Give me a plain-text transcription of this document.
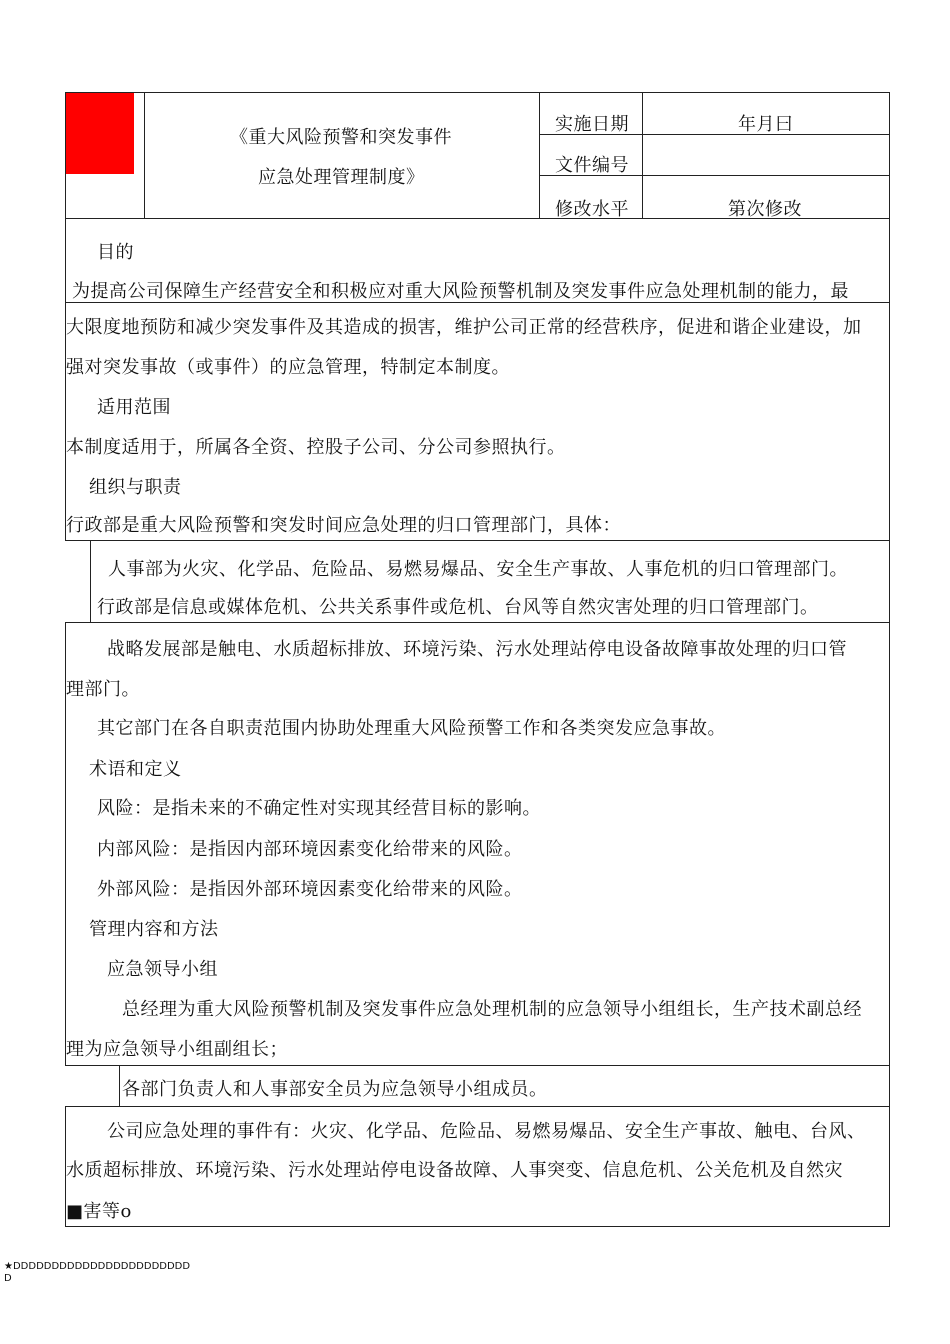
《重大风险预警和突发事件
应急处理管理制度》
实施日期	年月曰
文件编号
修改水平	第次修改
目的
为提高公司保障生产经营安全和积极应对重大风险预警机制及突发事件应急处理机制的能力，最
大限度地预防和减少突发事件及其造成的损害，维护公司正常的经营秩序，促进和谐企业建设，加
强对突发事故（或事件）的应急管理，特制定本制度。
适用范围
本制度适用于，所属各全资、控股子公司、分公司参照执行。
组织与职责
行政部是重大风险预警和突发时间应急处理的归口管理部门，具体：
人事部为火灾、化学品、危险品、易燃易爆品、安全生产事故、人事危机的归口管理部门。
行政部是信息或媒体危机、公共关系事件或危机、台风等自然灾害处理的归口管理部门。
战略发展部是触电、水质超标排放、环境污染、污水处理站停电设备故障事故处理的归口管
理部门。
其它部门在各自职责范围内协助处理重大风险预警工作和各类突发应急事故。
术语和定义
风险：是指未来的不确定性对实现其经营目标的影响。
内部风险：是指因内部环境因素变化给带来的风险。
外部风险：是指因外部环境因素变化给带来的风险。
管理内容和方法
应急领导小组
总经理为重大风险预警机制及突发事件应急处理机制的应急领导小组组长，生产技术副总经
理为应急领导小组副组长；
各部门负责人和人事部安全员为应急领导小组成员。
公司应急处理的事件有：火灾、化学品、危险品、易燃易爆品、安全生产事故、触电、台风、
水质超标排放、环境污染、污水处理站停电设备故障、人事突变、信息危机、公关危机及自然灾
■害等o
★DDDDDDDDDDDDDDDDDDDDDDD
D
